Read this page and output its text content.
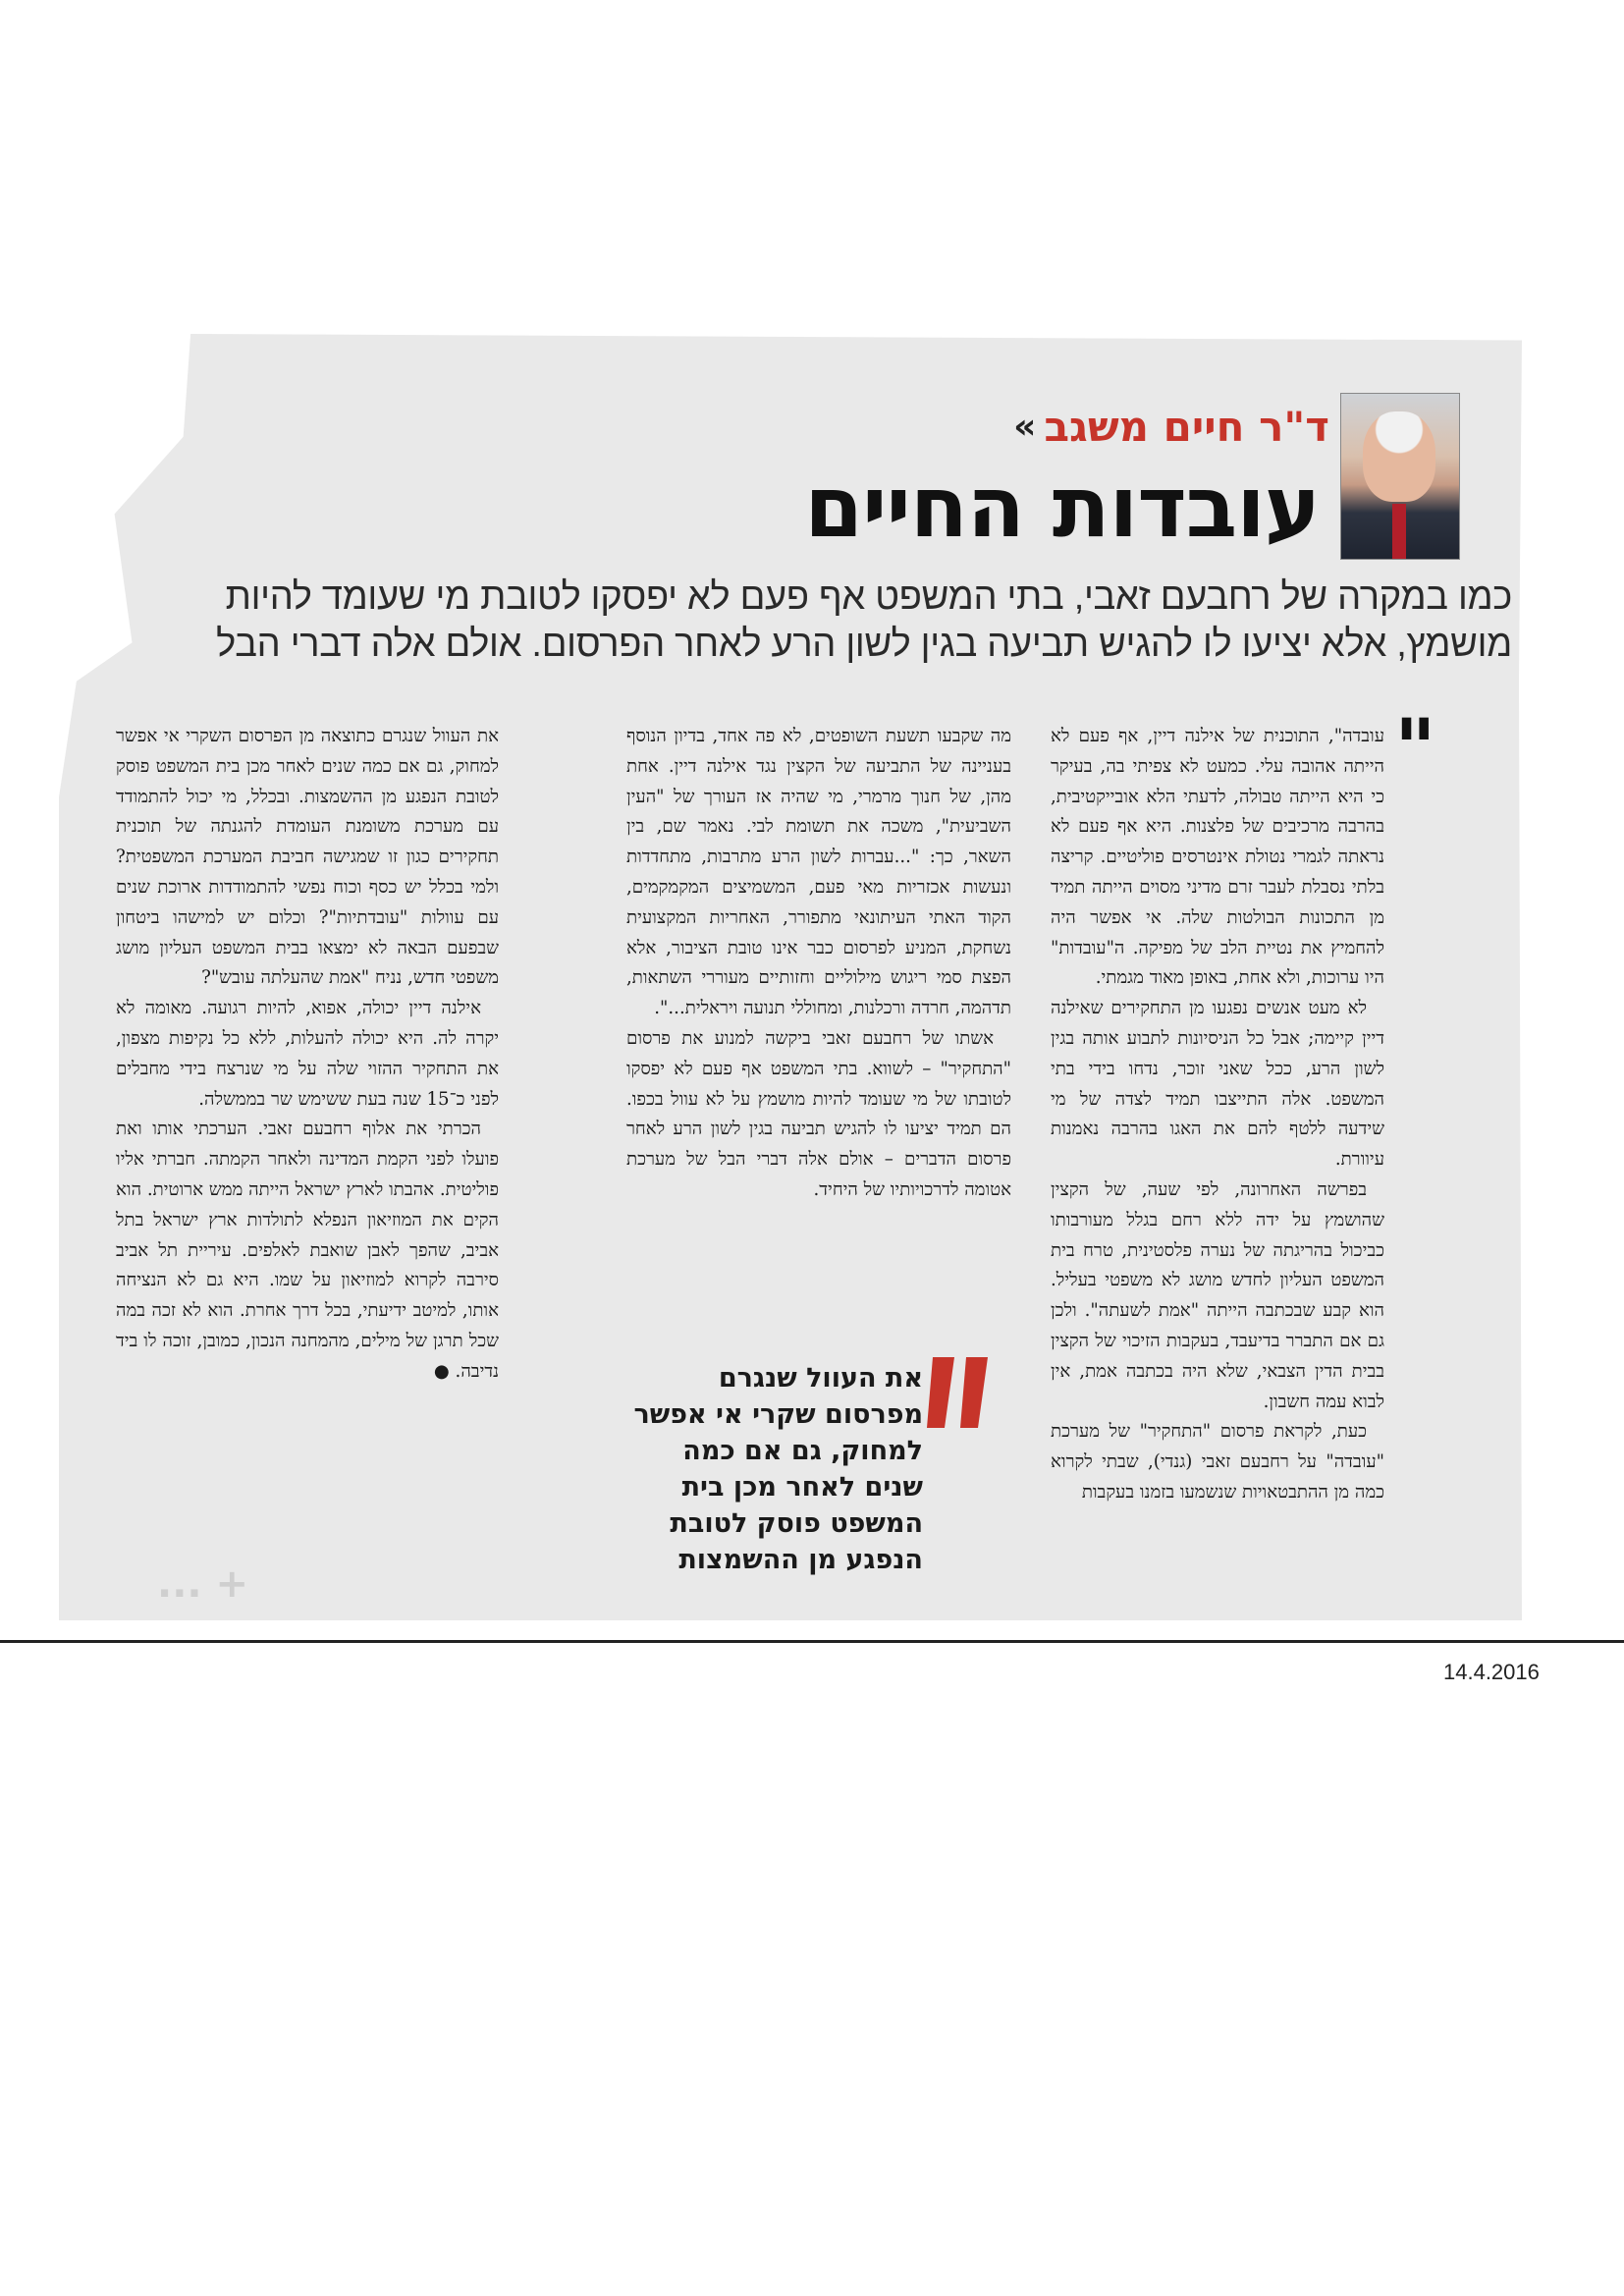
+ ...
ד"ר חיים משגב
»
עובדות החיים
כמו במקרה של רחבעם זאבי, בתי המשפט אף פעם לא יפסקו לטובת מי שעומד להיות מושמץ, אלא יציעו לו להגיש תביעה בגין לשון הרע לאחר הפרסום. אולם אלה דברי הבל
"

עובדה", התוכנית של אילנה דיין, אף פעם לא הייתה אהובה עלי. כמעט לא צפיתי בה, בעיקר כי היא הייתה טבולה, לדעתי הלא אובייקטיבית, בהרבה מרכיבים של פלצנות. היא אף פעם לא נראתה לגמרי נטולת אינטרסים פוליטיים. קריצה בלתי נסבלת לעבר זרם מדיני מסוים הייתה תמיד מן התכונות הבולטות שלה. אי אפשר היה להחמיץ את נטיית הלב של מפיקה. ה"עובדות" היו ערוכות, ולא אחת, באופן מאוד מגמתי.

לא מעט אנשים נפגעו מן התחקירים שאילנה דיין קיימה; אבל כל הניסיונות לתבוע אותה בגין לשון הרע, ככל שאני זוכר, נדחו בידי בתי המשפט. אלה התייצבו תמיד לצדה של מי שידעה ללטף להם את האגו בהרבה נאמנות עיוורת.

בפרשה האחרונה, לפי שעה, של הקצין שהושמץ על ידה ללא רחם בגלל מעורבותו כביכול בהריגתה של נערה פלסטינית, טרח בית המשפט העליון לחדש מושג לא משפטי בעליל. הוא קבע שבכתבה הייתה "אמת לשעתה". ולכן גם אם התברר בדיעבד, בעקבות הזיכוי של הקצין בבית הדין הצבאי, שלא היה בכתבה אמת, אין לבוא עמה חשבון.

כעת, לקראת פרסום "התחקיר" של מערכת "עובדה" על רחבעם זאבי (גנדי), שבתי לקרוא כמה מן ההתבטאויות שנשמעו בזמנו בעקבות

מה שקבעו תשעת השופטים, לא פה אחד, בדיון הנוסף בעניינה של התביעה של הקצין נגד אילנה דיין. אחת מהן, של חנוך מרמרי, מי שהיה אז העורך של "העין השביעית", משכה את תשומת לבי. נאמר שם, בין השאר, כך: "...עברות לשון הרע מתרבות, מתחדדות ונעשות אכזריות מאי פעם, המשמיצים המקמקמים, הקוד האתי העיתונאי מתפורר, האחריות המקצועית נשחקת, המניע לפרסום כבר אינו טובת הציבור, אלא הפצת סמי ריגוש מילוליים וחזותיים מעוררי השתאות, תדהמה, חרדה ורכלנות, ומחוללי תנועה ויראלית...".

אשתו של רחבעם זאבי ביקשה למנוע את פרסום "התחקיר" – לשווא. בתי המשפט אף פעם לא יפסקו לטובתו של מי שעומד להיות מושמץ על לא עוול בכפו. הם תמיד יציעו לו להגיש תביעה בגין לשון הרע לאחר פרסום הדברים – אולם אלה דברי הבל של מערכת אטומה לדרכויותיו של היחיד.

את העוול שנגרם מפרסום שקרי אי אפשר למחוק, גם אם כמה שנים לאחר מכן בית המשפט פוסק לטובת הנפגע מן ההשמצות

את העוול שנגרם כתוצאה מן הפרסום השקרי אי אפשר למחוק, גם אם כמה שנים לאחר מכן בית המשפט פוסק לטובת הנפגע מן ההשמצות. ובכלל, מי יכול להתמודד עם מערכת משומנת העומדת להגנתה של תוכנית תחקירים כגון זו שמגישה חביבת המערכת המשפטית? ולמי בכלל יש כסף וכוח נפשי להתמודדות ארוכת שנים עם עוולות "עובדתיות"? וכלום יש למישהו ביטחון שבפעם הבאה לא ימצאו בבית המשפט העליון מושג משפטי חדש, נניח "אמת שהעלתה עובש"?

אילנה דיין יכולה, אפוא, להיות רגועה. מאומה לא יקרה לה. היא יכולה להעלות, ללא כל נקיפות מצפון, את התחקיר ההזוי שלה על מי שנרצח בידי מחבלים לפני כ־15 שנה בעת ששימש שר בממשלה.

הכרתי את אלוף רחבעם זאבי. הערכתי אותו ואת פועלו לפני הקמת המדינה ולאחר הקמתה. חברתי אליו פוליטית. אהבתו לארץ ישראל הייתה ממש ארוטית. הוא הקים את המוזיאון הנפלא לתולדות ארץ ישראל בתל אביב, שהפך לאבן שואבת לאלפים. עיריית תל אביב סירבה לקרוא למוזיאון על שמו. היא גם לא הנציחה אותו, למיטב ידיעתי, בכל דרך אחרת. הוא לא זכה במה שכל תרגן של מילים, מהמחנה הנכון, כמובן, זוכה לו ביד נדיבה. ●

14.4.2016
